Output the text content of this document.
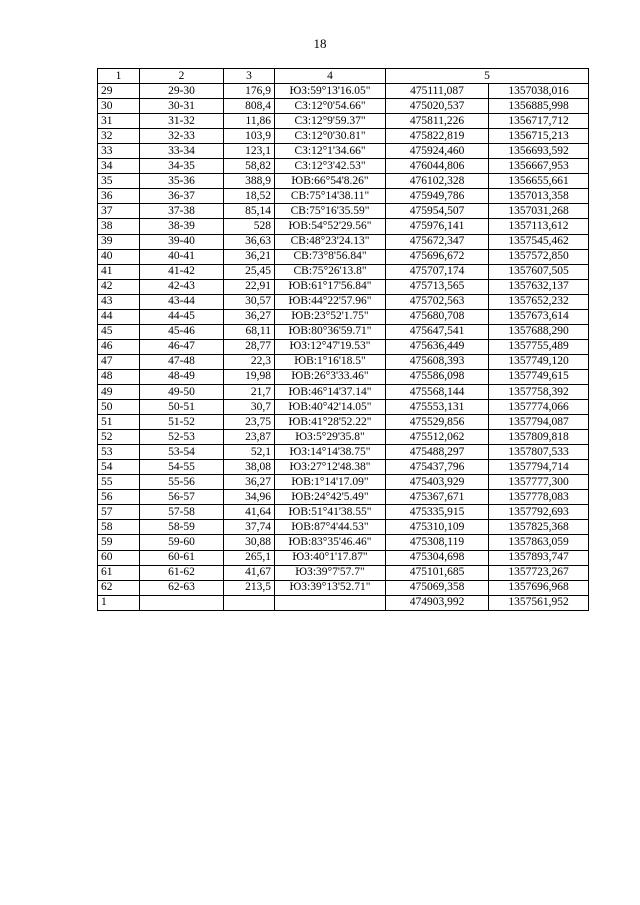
18
1	2	3	4	5	
29	29-30	176,9	ЮЗ:59°13'16.05"	475111,087	1357038,016
30	30-31	808,4	СЗ:12°0'54.66"	475020,537	1356885,998
31	31-32	11,86	СЗ:12°9'59.37"	475811,226	1356717,712
32	32-33	103,9	СЗ:12°0'30.81"	475822,819	1356715,213
33	33-34	123,1	СЗ:12°1'34.66"	475924,460	1356693,592
34	34-35	58,82	СЗ:12°3'42.53"	476044,806	1356667,953
35	35-36	388,9	ЮВ:66°54'8.26"	476102,328	1356655,661
36	36-37	18,52	СВ:75°14'38.11"	475949,786	1357013,358
37	37-38	85,14	СВ:75°16'35.59"	475954,507	1357031,268
38	38-39	528	ЮВ:54°52'29.56"	475976,141	1357113,612
39	39-40	36,63	СВ:48°23'24.13"	475672,347	1357545,462
40	40-41	36,21	СВ:73°8'56.84"	475696,672	1357572,850
41	41-42	25,45	СВ:75°26'13.8"	475707,174	1357607,505
42	42-43	22,91	ЮВ:61°17'56.84"	475713,565	1357632,137
43	43-44	30,57	ЮВ:44°22'57.96"	475702,563	1357652,232
44	44-45	36,27	ЮВ:23°52'1.75"	475680,708	1357673,614
45	45-46	68,11	ЮВ:80°36'59.71"	475647,541	1357688,290
46	46-47	28,77	ЮЗ:12°47'19.53"	475636,449	1357755,489
47	47-48	22,3	ЮВ:1°16'18.5"	475608,393	1357749,120
48	48-49	19,98	ЮВ:26°3'33.46"	475586,098	1357749,615
49	49-50	21,7	ЮВ:46°14'37.14"	475568,144	1357758,392
50	50-51	30,7	ЮВ:40°42'14.05"	475553,131	1357774,066
51	51-52	23,75	ЮВ:41°28'52.22"	475529,856	1357794,087
52	52-53	23,87	ЮЗ:5°29'35.8"	475512,062	1357809,818
53	53-54	52,1	ЮЗ:14°14'38.75"	475488,297	1357807,533
54	54-55	38,08	ЮЗ:27°12'48.38"	475437,796	1357794,714
55	55-56	36,27	ЮВ:1°14'17.09"	475403,929	1357777,300
56	56-57	34,96	ЮВ:24°42'5.49"	475367,671	1357778,083
57	57-58	41,64	ЮВ:51°41'38.55"	475335,915	1357792,693
58	58-59	37,74	ЮВ:87°4'44.53"	475310,109	1357825,368
59	59-60	30,88	ЮВ:83°35'46.46"	475308,119	1357863,059
60	60-61	265,1	ЮЗ:40°1'17.87"	475304,698	1357893,747
61	61-62	41,67	ЮЗ:39°7'57.7"	475101,685	1357723,267
62	62-63	213,5	ЮЗ:39°13'52.71"	475069,358	1357696,968
1				474903,992	1357561,952
